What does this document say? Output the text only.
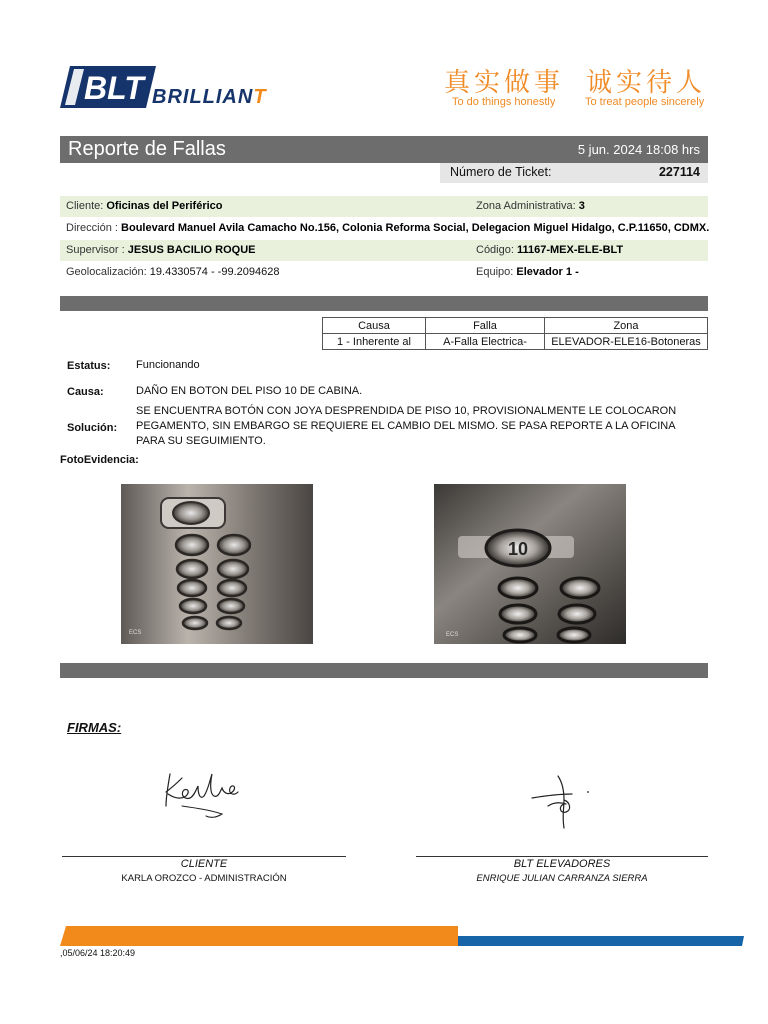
BLT BRILLIANT	真实做事 诚实待人
To do things honestly	To treat people sincerely
Reporte de Fallas	5 jun. 2024 18:08 hrs
Número de Ticket:	227114
Cliente: Oficinas del Periférico	Zona Administrativa: 3
Dirección : Boulevard Manuel Avila Camacho No.156, Colonia Reforma Social, Delegacion Miguel Hidalgo, C.P.11650, CDMX.
Supervisor : JESUS BACILIO ROQUE	Código: 11167-MEX-ELE-BLT
Geolocalización: 19.4330574 - -99.2094628	Equipo: Elevador 1 -
Causa	Falla	Zona
1 - Inherente al	A-Falla Electrica-	ELEVADOR-ELE16-Botoneras
Estatus: Funcionando
Causa:	DAÑO EN BOTON DEL PISO 10 DE CABINA.
Solución:
SE ENCUENTRA BOTÓN CON JOYA DESPRENDIDA DE PISO 10, PROVISIONALMENTE LE COLOCARON PEGAMENTO, SIN EMBARGO SE REQUIERE EL CAMBIO DEL MISMO. SE PASA REPORTE A LA OFICINA PARA SU SEGUIMIENTO.
FotoEvidencia:
ECS
10
ECS
FIRMAS:
CLIENTE
KARLA OROZCO - ADMINISTRACIÓN
BLT ELEVADORES
ENRIQUE JULIAN CARRANZA SIERRA
,05/06/24 18:20:49
